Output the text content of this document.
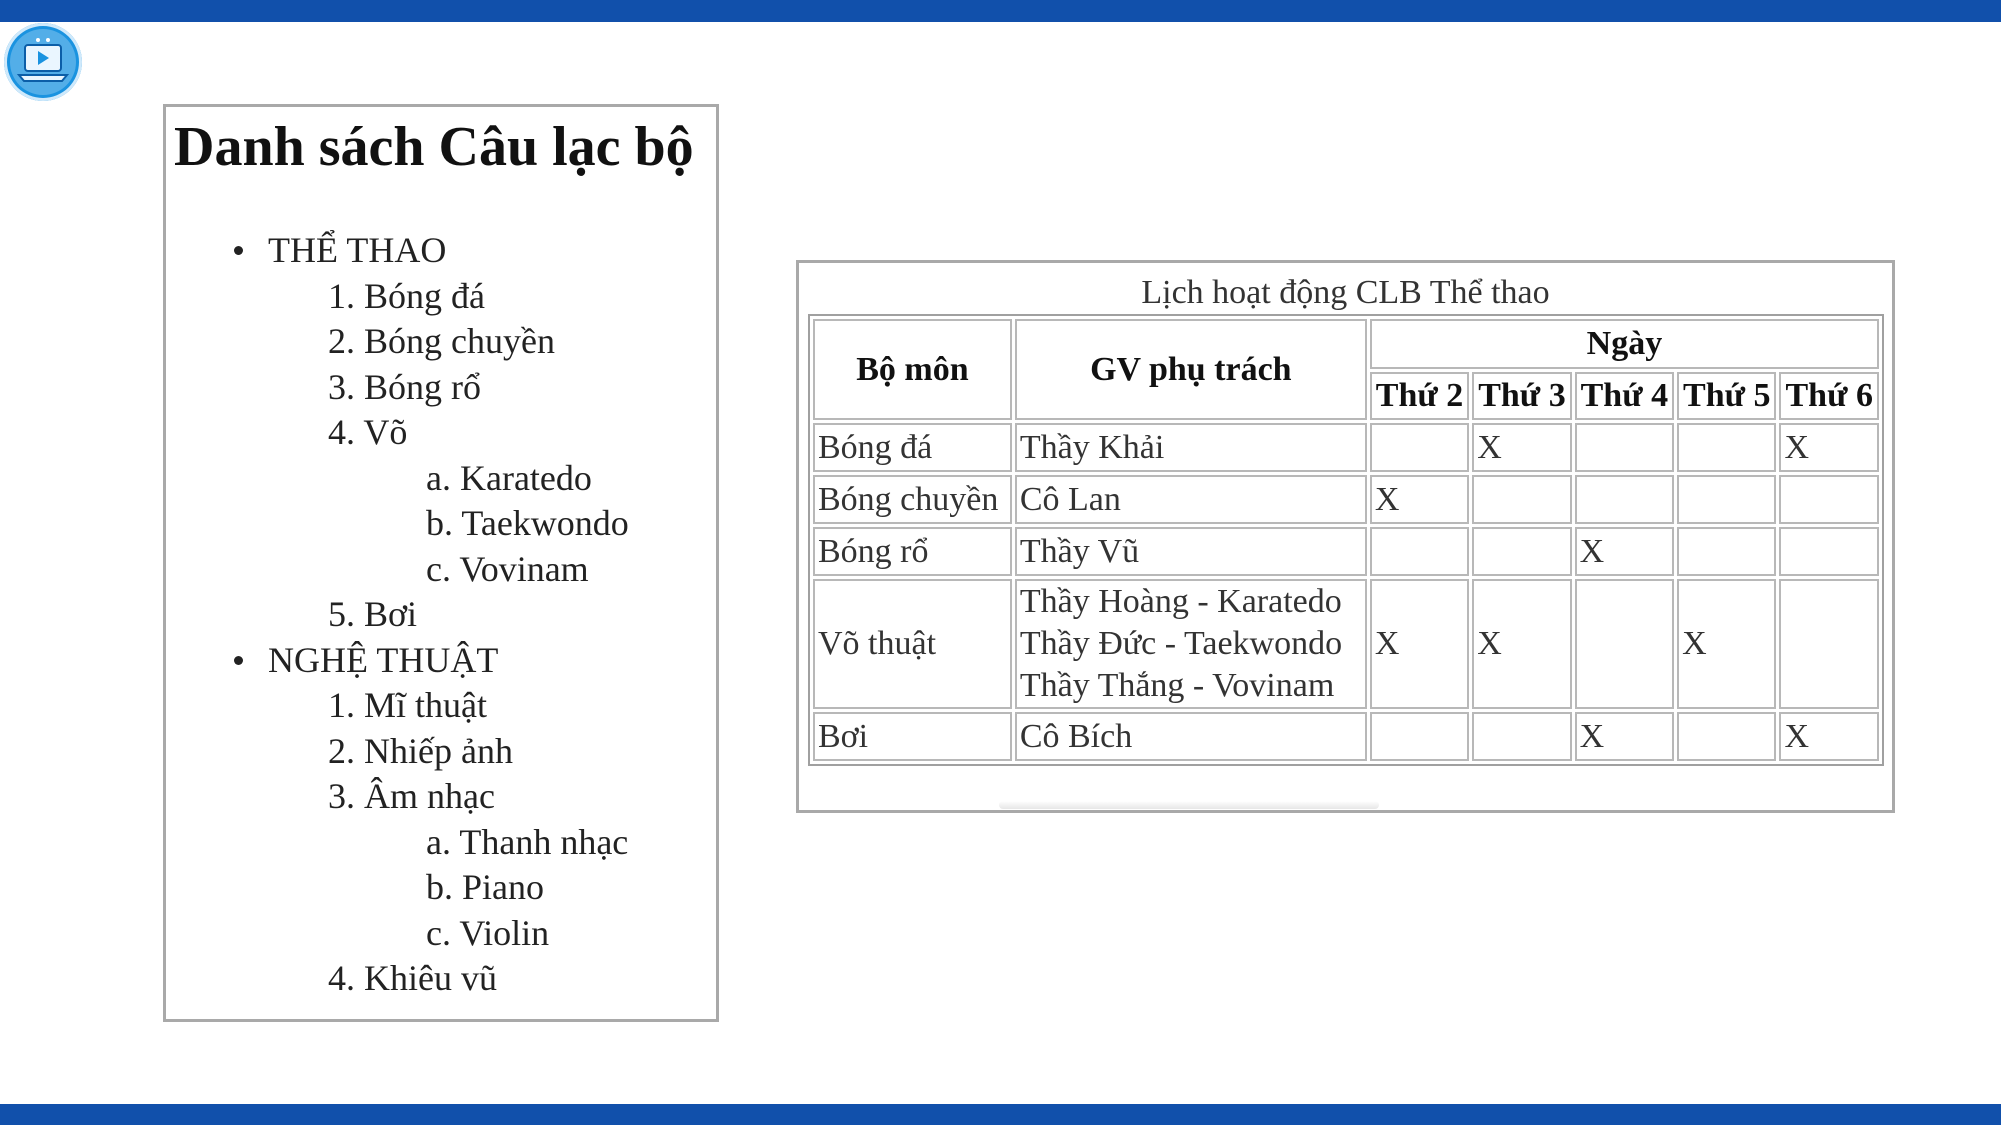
Danh sách Câu lạc bộ
THỂ THAO
1. Bóng đá
2. Bóng chuyền
3. Bóng rổ
4. Võ
a. Karatedo
b. Taekwondo
c. Vovinam
5. Bơi
NGHỆ THUẬT
1. Mĩ thuật
2. Nhiếp ảnh
3. Âm nhạc
a. Thanh nhạc
b. Piano
c. Violin
4. Khiêu vũ
Lịch hoạt động CLB Thể thao
Bộ môn	GV phụ trách	Ngày				
		Thứ 2	Thứ 3	Thứ 4	Thứ 5	Thứ 6
Bóng đá	Thầy Khải		X			X
Bóng chuyền	Cô Lan	X				
Bóng rổ	Thầy Vũ			X		
Võ thuật	Thầy Hoàng - Karatedo
Thầy Đức - Taekwondo
Thầy Thắng - Vovinam	X	X		X	
Bơi	Cô Bích			X		X
